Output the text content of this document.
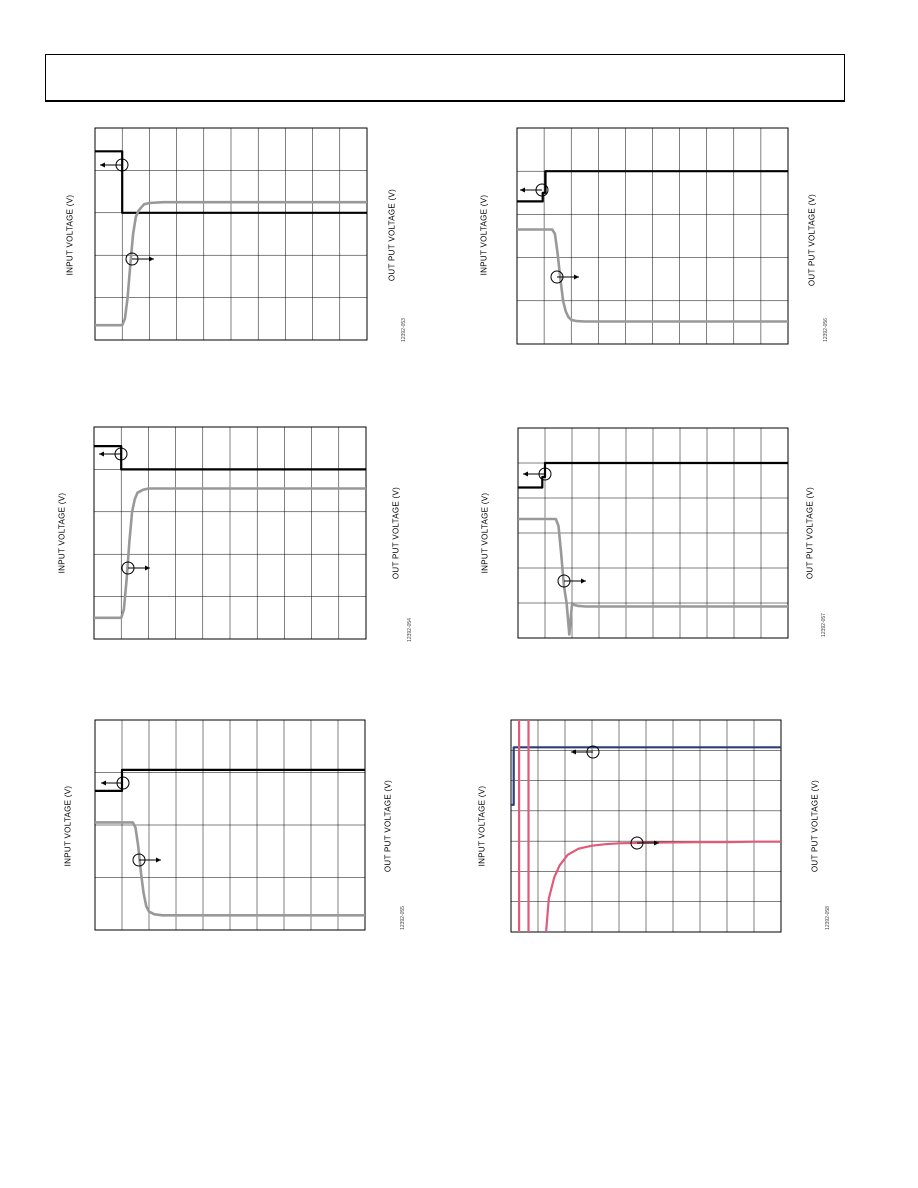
INPUT VOLTAGE (V)	OUT PUT VOLTAGE (V)
12392-053
INPUT VOLTAGE (V)	OUT PUT VOLTAGE (V)
12392-056
INPUT VOLTAGE (V)	OUT PUT VOLTAGE (V)
12392-054
INPUT VOLTAGE (V)	OUT PUT VOLTAGE (V)
12392-057
INPUT VOLTAGE (V)	OUT PUT VOLTAGE (V)
12392-055
INPUT VOLTAGE (V)	OUT PUT VOLTAGE (V)
12392-058
